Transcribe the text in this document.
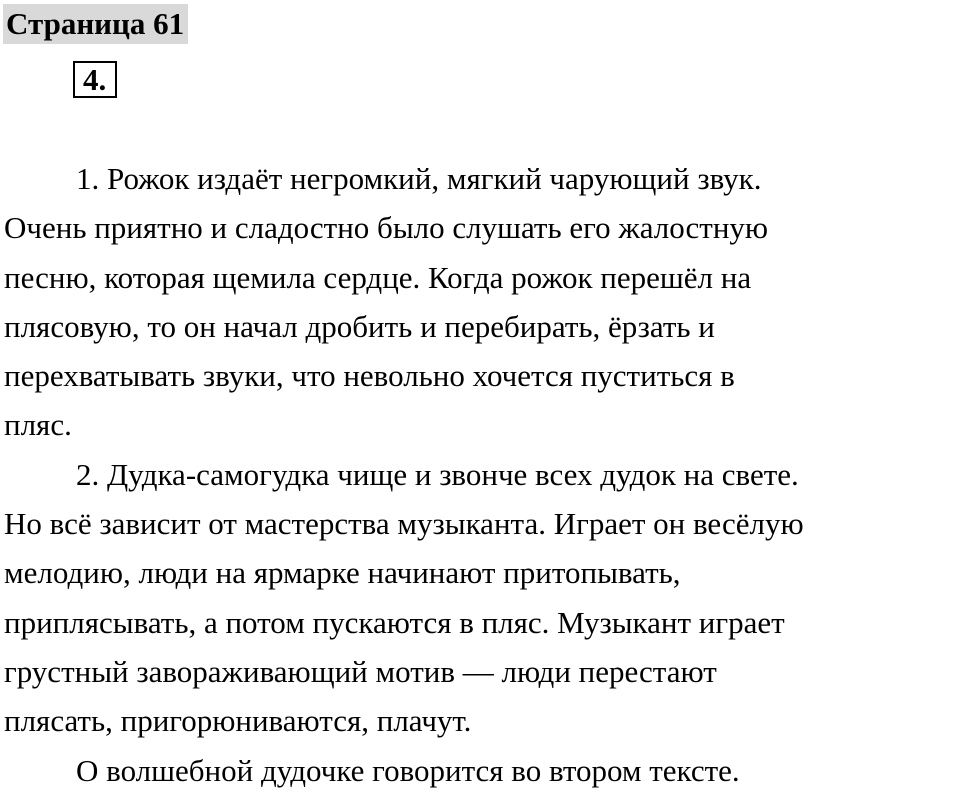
Страница 61
4.
1. Рожок издаёт негромкий, мягкий чарующий звук.
Очень приятно и сладостно было слушать его жалостную
песню, которая щемила сердце. Когда рожок перешёл на
плясовую, то он начал дробить и перебирать, ёрзать и
перехватывать звуки, что невольно хочется пуститься в
пляс.
2. Дудка-самогудка чище и звонче всех дудок на свете.
Но всё зависит от мастерства музыканта. Играет он весёлую
мелодию, люди на ярмарке начинают притопывать,
приплясывать, а потом пускаются в пляс. Музыкант играет
грустный завораживающий мотив — люди перестают
плясать, пригорюниваются, плачут.
О волшебной дудочке говорится во втором тексте.
